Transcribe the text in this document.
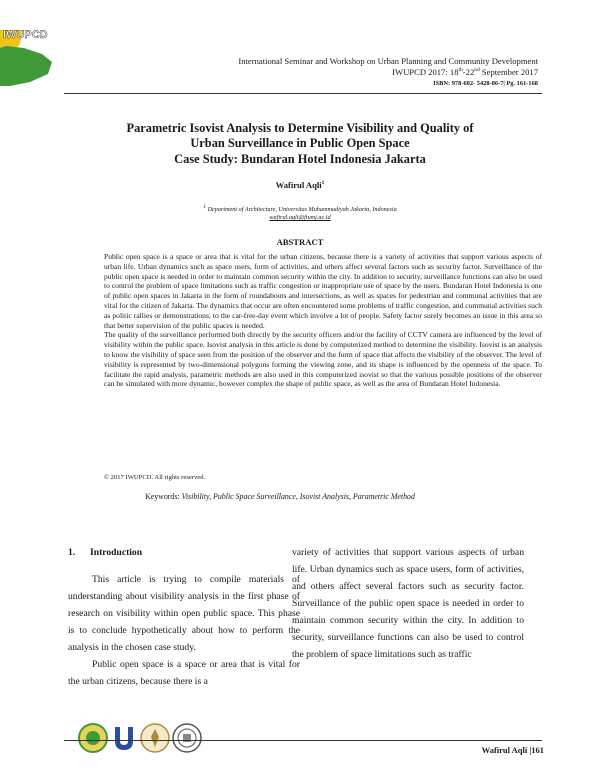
IWUPCD
International Seminar and Workshop on Urban Planning and Community Development
IWUPCD 2017: 18th-22nd September 2017
ISBN: 978-602- 5428-06-7| Pg. 161-168
Parametric Isovist Analysis to Determine Visibility and Quality of
Urban Surveillance in Public Open Space
Case Study: Bundaran Hotel Indonesia Jakarta
Wafirul Aqli$^1$
$^1$ Department of Architecture, Universitas Muhammadiyah Jakarta, Indonesia
wafirul.aqli@ftumj.ac.id
ABSTRACT

Public open space is a space or area that is vital for the urban citizens, because there is a variety of activities that support various aspects of urban life. Urban dynamics such as space users, form of activities, and others affect several factors such as security factor. Surveillance of the public open space is needed in order to maintain common security within the city. In addition to security, surveillance functions can also be used to control the problem of space limitations such as traffic congestion or inappropriate use of space by the users. Bundaran Hotel Indonesia is one of public open spaces in Jakarta in the form of roundabouts and intersections, as well as spaces for pedestrian and communal activities that are vital for the citizen of Jakarta. The dynamics that occur are often encountered some problems of traffic congestion, and communal activities such as politic rallies or demonstrations, to the car-free-day event which involve a lot of people. Safety factor surely becomes an issue in this area so that better supervision of the public spaces is needed.

The quality of the surveillance performed both directly by the security officers and/or the facility of CCTV camera are influenced by the level of visibility within the public space. Isovist analysis in this article is done by computerized method to determine the visibility. Isovist is an analysis to know the visibility of space seen from the position of the observer and the form of space that affects the visibility of the observer. The level of visibility is represented by two-dimensional polygons forming the viewing zone, and its shape is influenced by the openness of the space. To facilitate the rapid analysis, parametric methods are also used in this computerized isovist so that the various possible positions of the observer can be simulated with more dynamic, however complex the shape of public space, as well as the area of Bundaran Hotel Indonesia.

© 2017 IWUPCD. All rights reserved.
Keywords: Visibility, Public Space Surveillance, Isovist Analysis, Parametric Method

1. Introduction

This article is trying to compile materials of understanding about visibility analysis in the first phase of research on visibility within open public space. This phase is to conclude hypothetically about how to perform the analysis in the chosen case study.

Public open space is a space or area that is vital for the urban citizens, because there is a

variety of activities that support various aspects of urban life. Urban dynamics such as space users, form of activities, and others affect several factors such as security factor. Surveillance of the public open space is needed in order to maintain common security within the city. In addition to security, surveillance functions can also be used to control the problem of space limitations such as traffic

Wafirul Aqli |161
